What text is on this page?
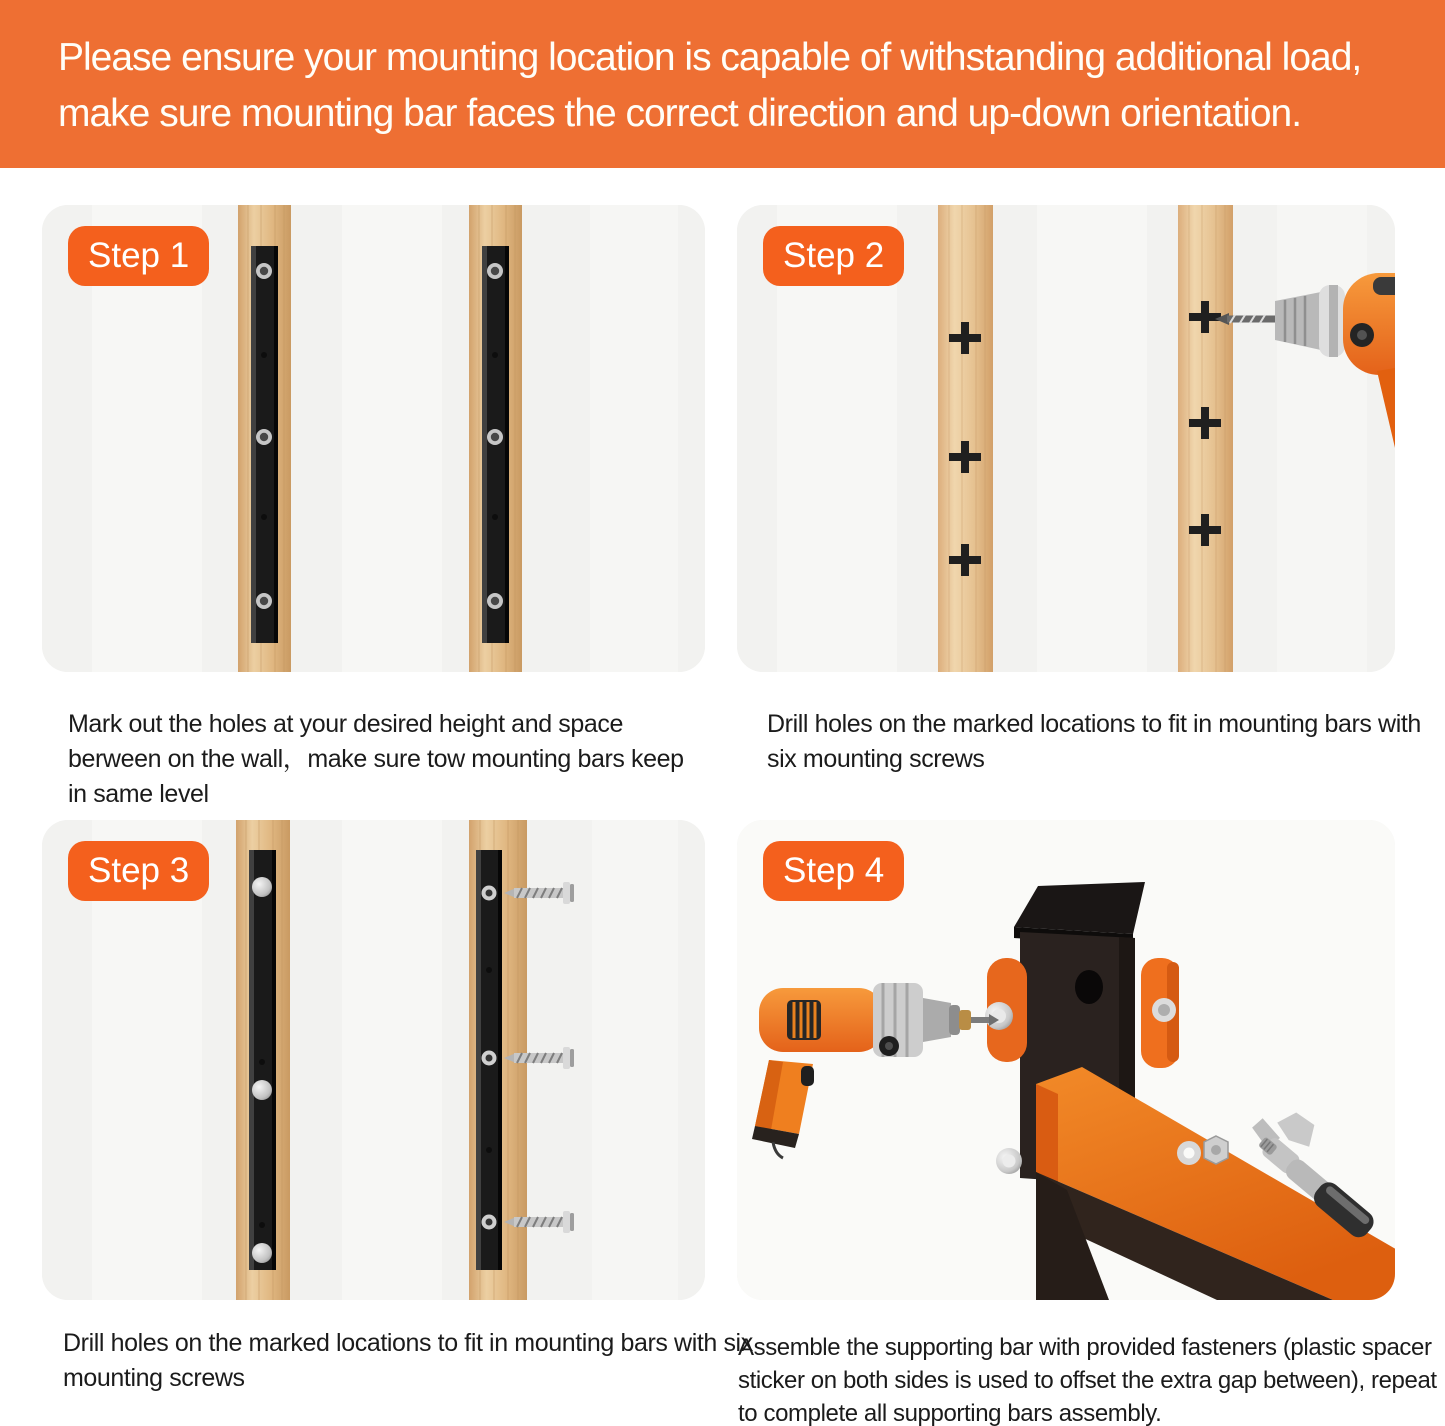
Please ensure your mounting location is capable of withstanding additional load,
make sure mounting bar faces the correct direction and up-down orientation.
Step 1	Step 2
Step 3	Step 4

Mark out the holes at your desired height and space berween on the wall，make sure tow mounting bars keep in same level

Drill holes on the marked locations to fit in mounting bars with six mounting screws

Drill holes on the marked locations to fit in mounting bars with six mounting screws

Assemble the supporting bar with provided fasteners (plastic spacer sticker on both sides is used to offset the extra gap between), repeat to complete all supporting bars assembly.
